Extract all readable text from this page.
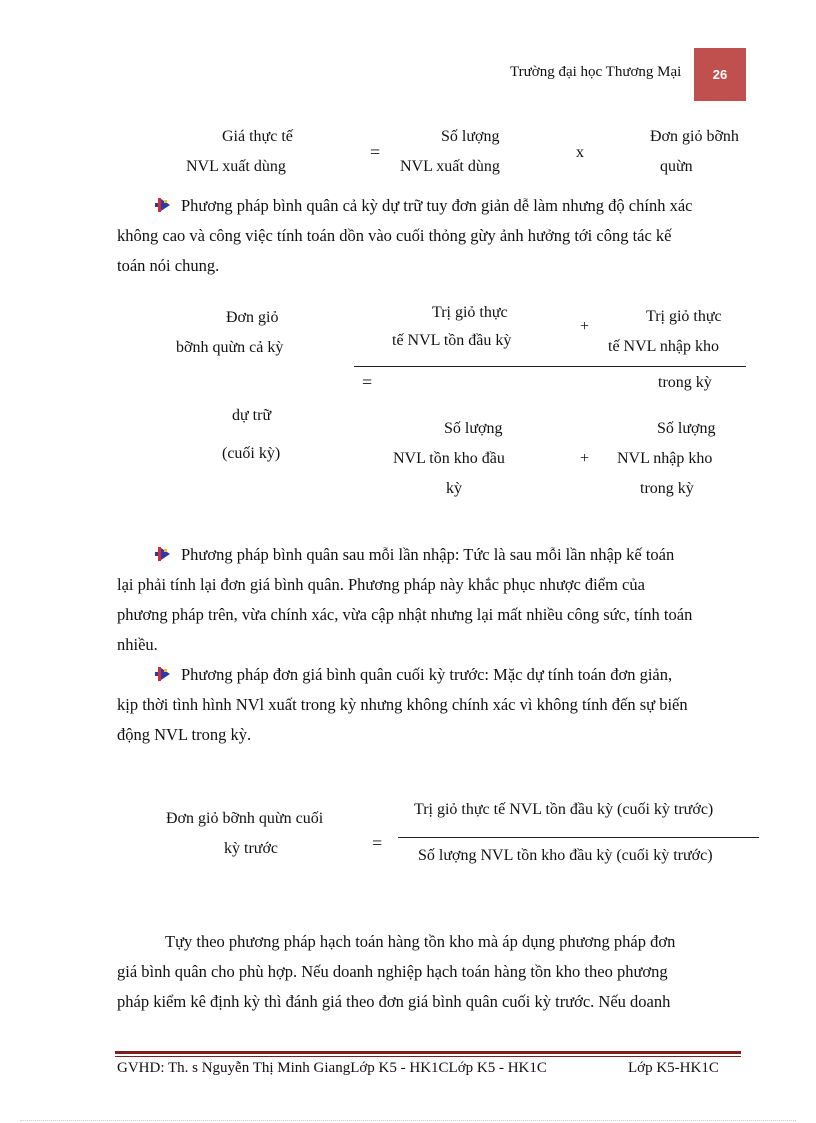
Trường đại học Thương Mại	26
Giá thực tế
NVL xuất dùng
=
Số lượng
NVL xuất dùng
x
Đơn giỏ bỡnh
quừn
Phương pháp bình quân cả kỳ dự trữ tuy đơn giản dễ làm nhưng độ chính xác
không cao và công việc tính toán dồn vào cuối thỏng gừy ảnh hưởng tới công tác kế
toán nói chung.
Đơn giỏ
bỡnh quừn cả kỳ
dự trữ
(cuối kỳ)
Trị giỏ thực
tế NVL tồn đầu kỳ
+
Trị giỏ thực
tế NVL nhập kho
=	trong kỳ
Số lượng
NVL tồn kho đầu
kỳ
+
Số lượng
NVL nhập kho
trong kỳ
Phương pháp bình quân sau mỗi lần nhập: Tức là sau mỗi lần nhập kế toán
lại phải tính lại đơn giá bình quân. Phương pháp này khắc phục nhược điểm của
phương pháp trên, vừa chính xác, vừa cập nhật nhưng lại mất nhiều công sức, tính toán
nhiều.
Phương pháp đơn giá bình quân cuối kỳ trước: Mặc dự tính toán đơn giản,
kịp thời tình hình NVl xuất trong kỳ nhưng không chính xác vì không tính đến sự biến
động NVL trong kỳ.
Đơn giỏ bỡnh quừn cuối
kỳ trước	=
Trị giỏ thực tế NVL tồn đầu kỳ (cuối kỳ trước)
Số lượng NVL tồn kho đầu kỳ (cuối kỳ trước)
Tựy theo phương pháp hạch toán hàng tồn kho mà áp dụng phương pháp đơn
giá bình quân cho phù hợp. Nếu doanh nghiệp hạch toán hàng tồn kho theo phương
pháp kiểm kê định kỳ thì đánh giá theo đơn giá bình quân cuối kỳ trước. Nếu doanh
GVHD: Th. s Nguyễn Thị Minh GiangLớp K5 - HK1CLớp K5 - HK1C	Lớp K5-HK1C
